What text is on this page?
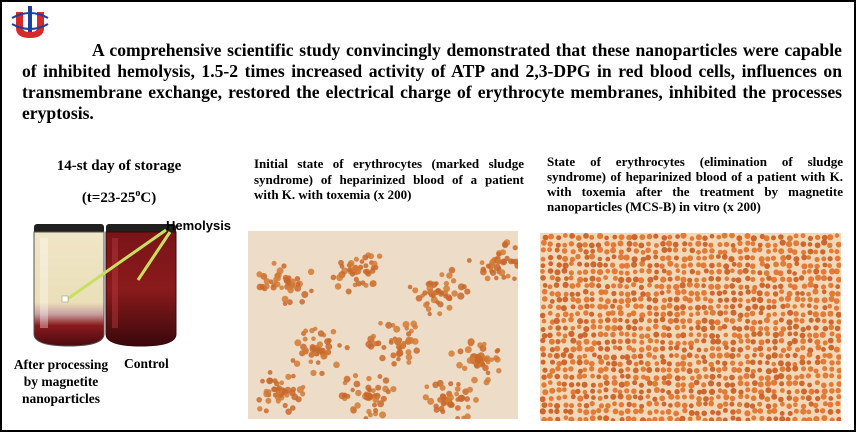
A comprehensive scientific study convincingly demonstrated that these nanoparticles were capable of inhibited hemolysis, 1.5-2 times increased activity of ATP and 2,3-DPG in red blood cells, influences on transmembrane exchange, restored the electrical charge of erythrocyte membranes, inhibited the processes eryptosis.

14-st day of storage
$(t=23-25^oC)$
Hemolysis
After processing by magnetite nanoparticles
Control
Initial state of erythrocytes (marked sludge syndrome) of heparinized blood of a patient with K. with toxemia (x 200)
State of erythrocytes (elimination of sludge syndrome) of heparinized blood of a patient with K. with toxemia after the treatment by magnetite nanoparticles (MCS-B) in vitro (x 200)
